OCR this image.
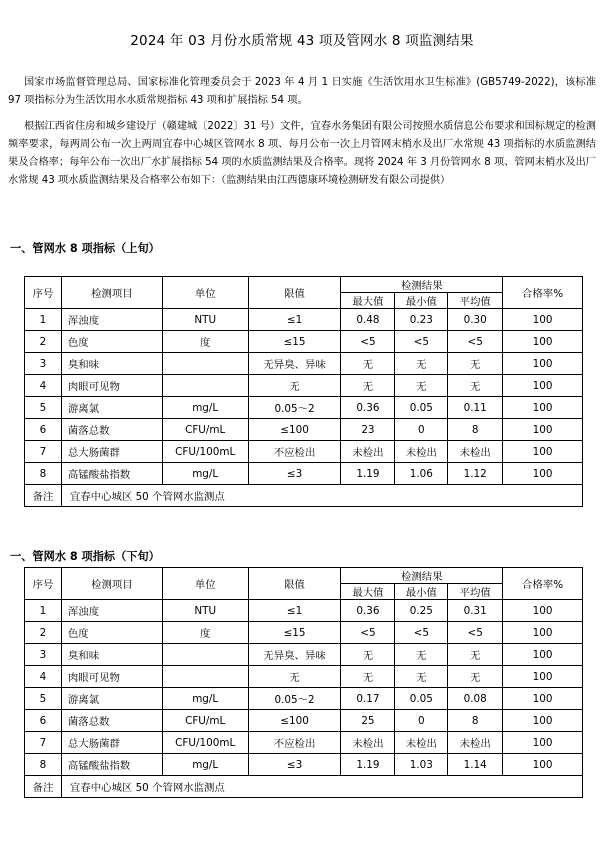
2024 年 03 月份水质常规 43 项及管网水 8 项监测结果

国家市场监督管理总局、国家标准化管理委员会于 2023 年 4 月 1 日实施《生活饮用水卫生标准》(GB5749-2022)，该标准 97 项指标分为生活饮用水水质常规指标 43 项和扩展指标 54 项。

根据江西省住房和城乡建设厅（赣建城〔2022〕31 号）文件，宜春水务集团有限公司按照水质信息公布要求和国标规定的检测频率要求，每两周公布一次上两周宜春中心城区管网水 8 项、每月公布一次上月管网末梢水及出厂水常规 43 项指标的水质监测结果及合格率；每年公布一次出厂水扩展指标 54 项的水质监测结果及合格率。现将 2024 年 3 月份管网水 8 项、管网末梢水及出厂水常规 43 项水质监测结果及合格率公布如下：（监测结果由江西德康环境检测研发有限公司提供）

一、管网水 8 项指标（上旬）
序号	检测项目	单位	限值	检测结果			合格率%
				最大值	最小值	平均值	
1	浑浊度	NTU	≤1	0.48	0.23	0.30	100
2	色度	度	≤15	<5	<5	<5	100
3	臭和味		无异臭、异味	无	无	无	100
4	肉眼可见物		无	无	无	无	100
5	游离氯	mg/L	0.05～2	0.36	0.05	0.11	100
6	菌落总数	CFU/mL	≤100	23	0	8	100
7	总大肠菌群	CFU/100mL	不应检出	未检出	未检出	未检出	100
8	高锰酸盐指数	mg/L	≤3	1.19	1.06	1.12	100
备注	宜春中心城区 50 个管网水监测点						
一、管网水 8 项指标（下旬）
序号	检测项目	单位	限值	检测结果			合格率%
				最大值	最小值	平均值	
1	浑浊度	NTU	≤1	0.36	0.25	0.31	100
2	色度	度	≤15	<5	<5	<5	100
3	臭和味		无异臭、异味	无	无	无	100
4	肉眼可见物		无	无	无	无	100
5	游离氯	mg/L	0.05～2	0.17	0.05	0.08	100
6	菌落总数	CFU/mL	≤100	25	0	8	100
7	总大肠菌群	CFU/100mL	不应检出	未检出	未检出	未检出	100
8	高锰酸盐指数	mg/L	≤3	1.19	1.03	1.14	100
备注	宜春中心城区 50 个管网水监测点						
